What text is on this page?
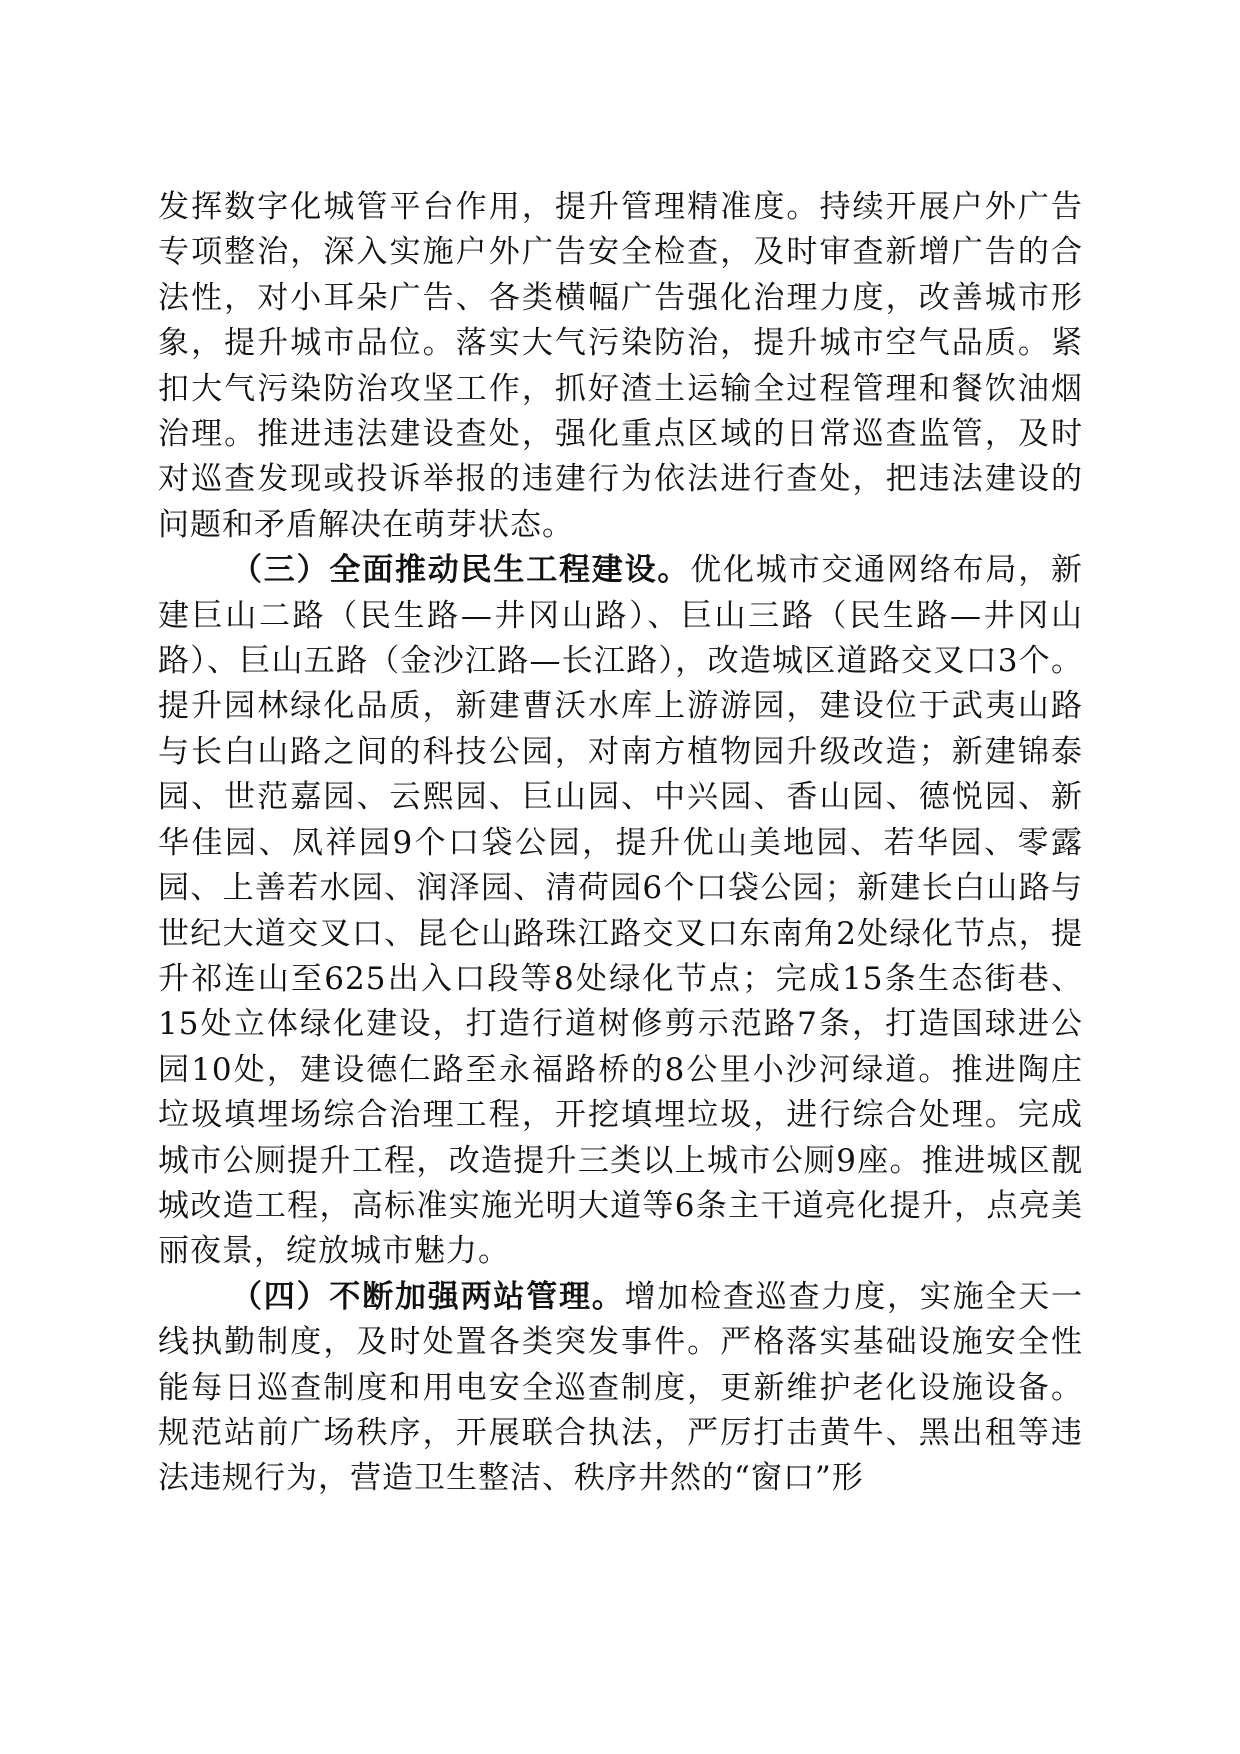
发挥数字化城管平台作用，提升管理精准度。持续开展户外广告专项整治，深入实施户外广告安全检查，及时审查新增广告的合法性，对小耳朵广告、各类横幅广告强化治理力度，改善城市形象，提升城市品位。落实大气污染防治，提升城市空气品质。紧扣大气污染防治攻坚工作，抓好渣土运输全过程管理和餐饮油烟治理。推进违法建设查处，强化重点区域的日常巡查监管，及时对巡查发现或投诉举报的违建行为依法进行查处，把违法建设的问题和矛盾解决在萌芽状态。

（三）全面推动民生工程建设。优化城市交通网络布局，新建巨山二路（民生路—井冈山路）、巨山三路（民生路—井冈山路）、巨山五路（金沙江路—长江路），改造城区道路交叉口3个。提升园林绿化品质，新建曹沃水库上游游园，建设位于武夷山路与长白山路之间的科技公园，对南方植物园升级改造；新建锦泰园、世范嘉园、云熙园、巨山园、中兴园、香山园、德悦园、新华佳园、凤祥园9个口袋公园，提升优山美地园、若华园、零露园、上善若水园、润泽园、清荷园6个口袋公园；新建长白山路与世纪大道交叉口、昆仑山路珠江路交叉口东南角2处绿化节点，提升祁连山至625出入口段等8处绿化节点；完成15条生态街巷、15处立体绿化建设，打造行道树修剪示范路7条，打造国球进公园10处，建设德仁路至永福路桥的8公里小沙河绿道。推进陶庄垃圾填埋场综合治理工程，开挖填埋垃圾，进行综合处理。完成城市公厕提升工程，改造提升三类以上城市公厕9座。推进城区靓城改造工程，高标准实施光明大道等6条主干道亮化提升，点亮美丽夜景，绽放城市魅力。

（四）不断加强两站管理。增加检查巡查力度，实施全天一线执勤制度，及时处置各类突发事件。严格落实基础设施安全性能每日巡查制度和用电安全巡查制度，更新维护老化设施设备。规范站前广场秩序，开展联合执法，严厉打击黄牛、黑出租等违法违规行为，营造卫生整洁、秩序井然的“窗口”形
